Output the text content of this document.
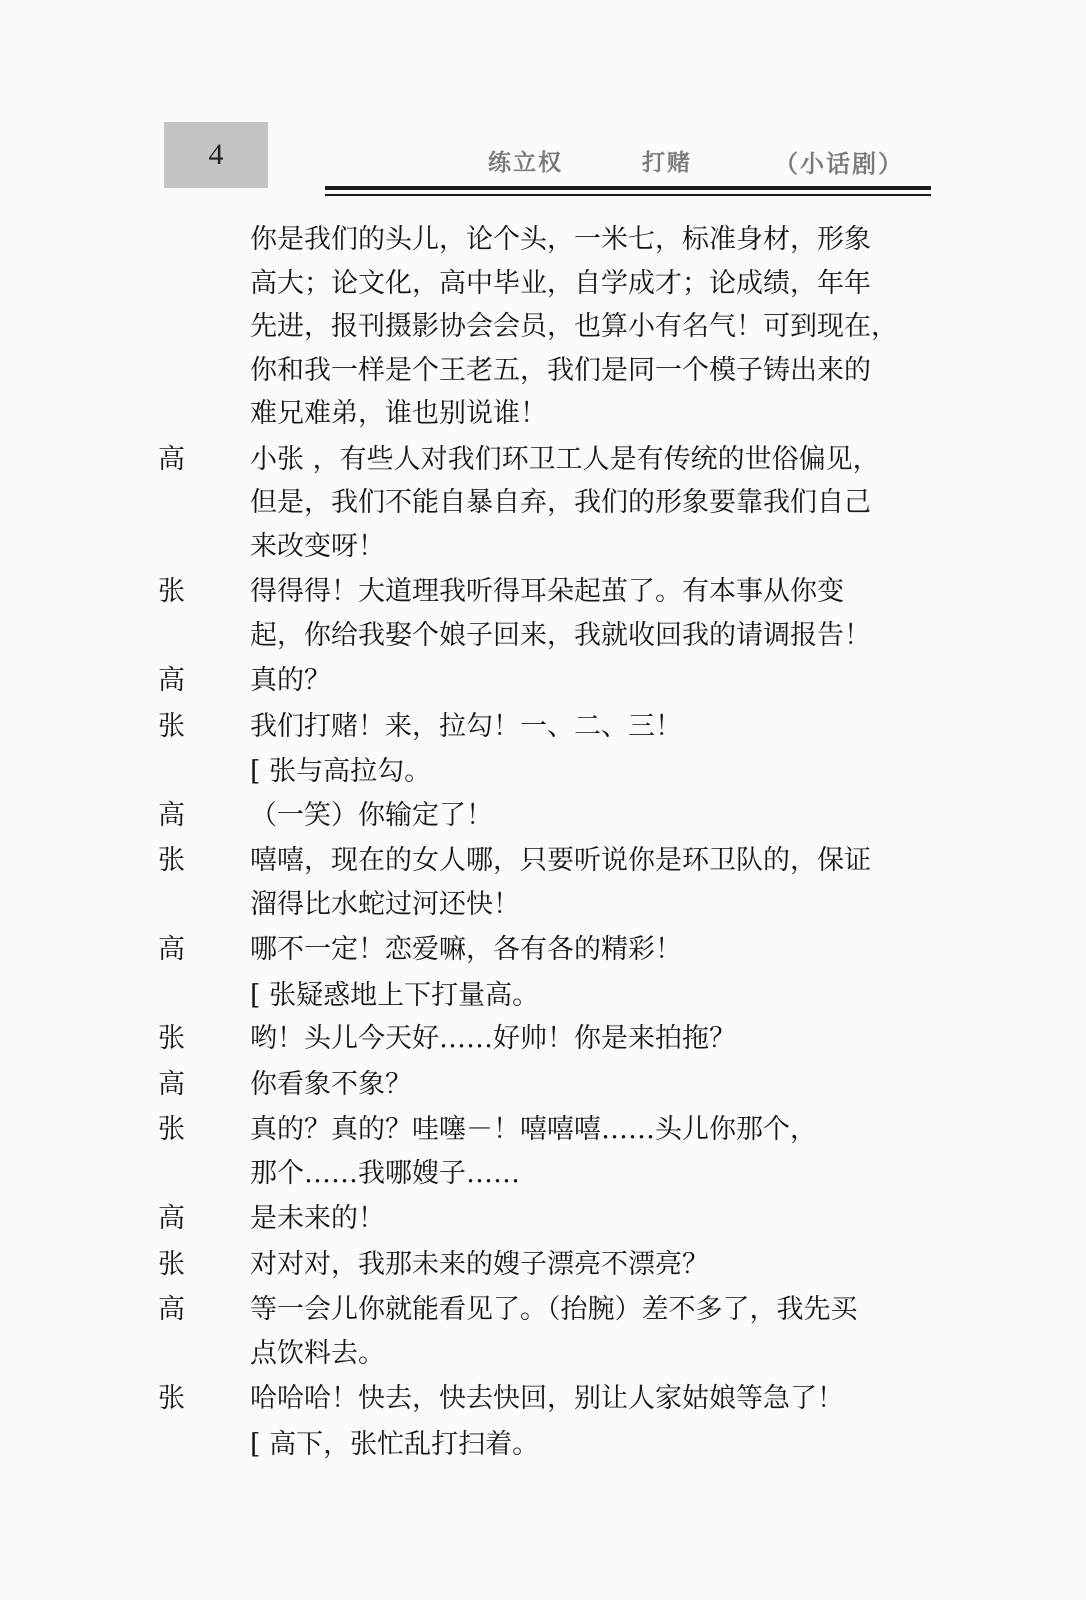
4	练立权	打赌	（小话剧）
你是我们的头儿，论个头，一米七，标准身材，形象
高大；论文化，高中毕业，自学成才；论成绩，年年
先进，报刊摄影协会会员，也算小有名气！可到现在，
你和我一样是个王老五，我们是同一个模子铸出来的
难兄难弟，谁也别说谁！
高	小张 ，有些人对我们环卫工人是有传统的世俗偏见，
但是，我们不能自暴自弃，我们的形象要靠我们自己
来改变呀！
张	得得得！大道理我听得耳朵起茧了。有本事从你变
起，你给我娶个娘子回来，我就收回我的请调报告！
高	真的？
张	我们打赌！来，拉勾！一、二、三！
[ 张与高拉勾。
高	（一笑）你输定了！
张	嘻嘻，现在的女人哪，只要听说你是环卫队的，保证
溜得比水蛇过河还快！
高	哪不一定！恋爱嘛，各有各的精彩！
[ 张疑惑地上下打量高。
张	哟！头儿今天好……好帅！你是来拍拖？
高	你看象不象？
张	真的？真的？哇噻－！嘻嘻嘻……头儿你那个，
那个……我哪嫂子……
高	是未来的！
张	对对对，我那未来的嫂子漂亮不漂亮？
高	等一会儿你就能看见了。（抬腕）差不多了，我先买
点饮料去。
张	哈哈哈！快去，快去快回，别让人家姑娘等急了！
[ 高下，张忙乱打扫着。
